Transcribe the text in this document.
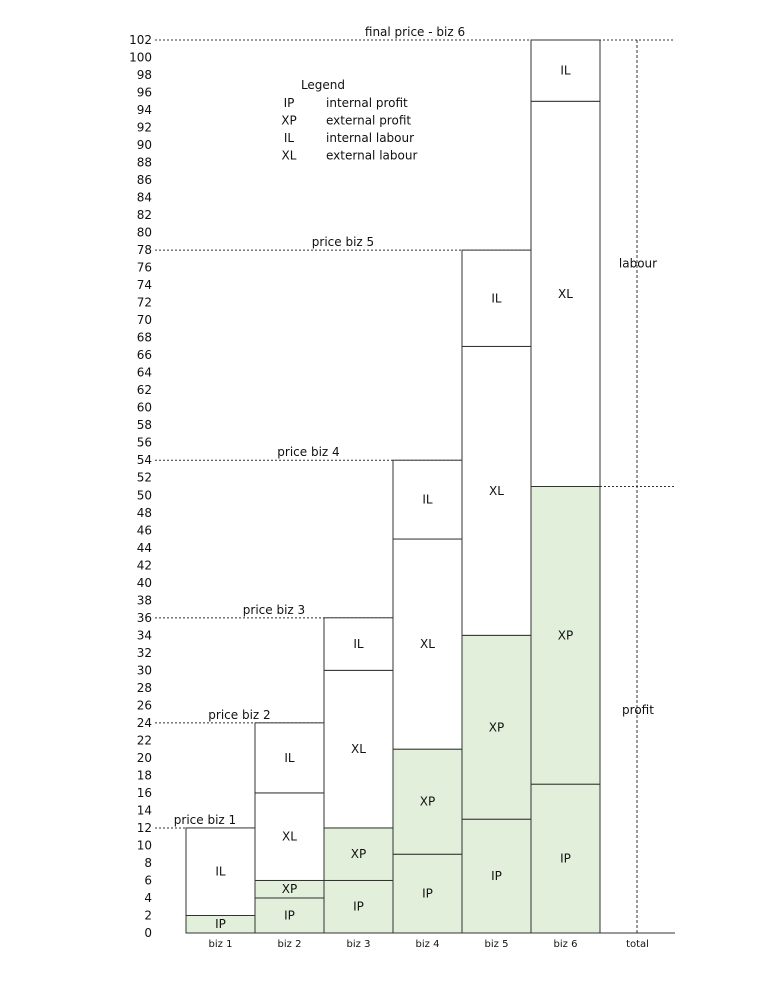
price biz 1
price biz 2
price biz 3
price biz 4
price biz 5
final price - biz 6
IP
IL
IP
XP
XL
IL
IP
XP
XL
IL
IP
XP
XL
IL
IP
XP
XL
IL
IP
XP
XL
IL
labour
profit
0
2
4
6
8
10
12
14
16
18
20
22
24
26
28
30
32
34
36
38
40
42
44
46
48
50
52
54
56
58
60
62
64
66
68
70
72
74
76
78
80
82
84
86
88
90
92
94
96
98
100
102
biz 1	biz 2	biz 3	biz 4	biz 5	biz 6	total
Legend
IP	internal profit
XP external profit
IL	internal labour
XL external labour
